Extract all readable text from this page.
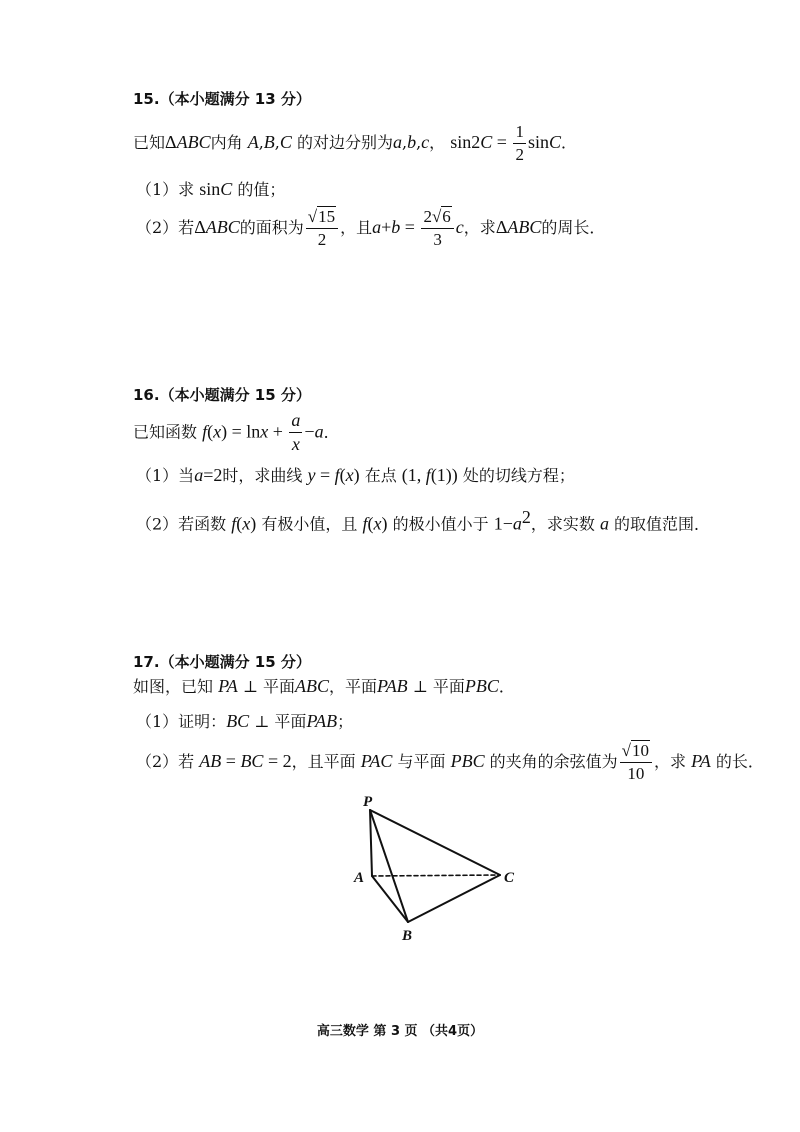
15.（本小题满分 13 分）
已知ΔABC内角 A,B,C 的对边分别为a,b,c， $\sin 2C = \frac{1}{2}$ sinC．
（1）求 sinC 的值；
（2）若ΔABC的面积为 $\frac{√15}{2}$ ，且$a+b = \frac{2√6}{3}$ c，求ΔABC的周长．
16.（本小题满分 15 分）
已知函数 $f(x) = \ln x + \frac{a}{x} -a$．
（1）当a=2时，求曲线 y = f(x) 在点 (1, f(1)) 处的切线方程；
（2）若函数 f(x) 有极小值，且 f(x) 的极小值小于 $1-a^2$，求实数 a 的取值范围．
17.（本小题满分 15 分）
如图，已知 PA ⊥ 平面ABC，平面PAB ⊥ 平面PBC．
（1）证明：BC ⊥ 平面PAB；
（2）若 AB = BC = 2，且平面 PAC 与平面 PBC 的夹角的余弦值为 $\frac{√10}{10}$ ，求 PA 的长．
P
A
B
C
高三数学 第 3 页 （共4页）
